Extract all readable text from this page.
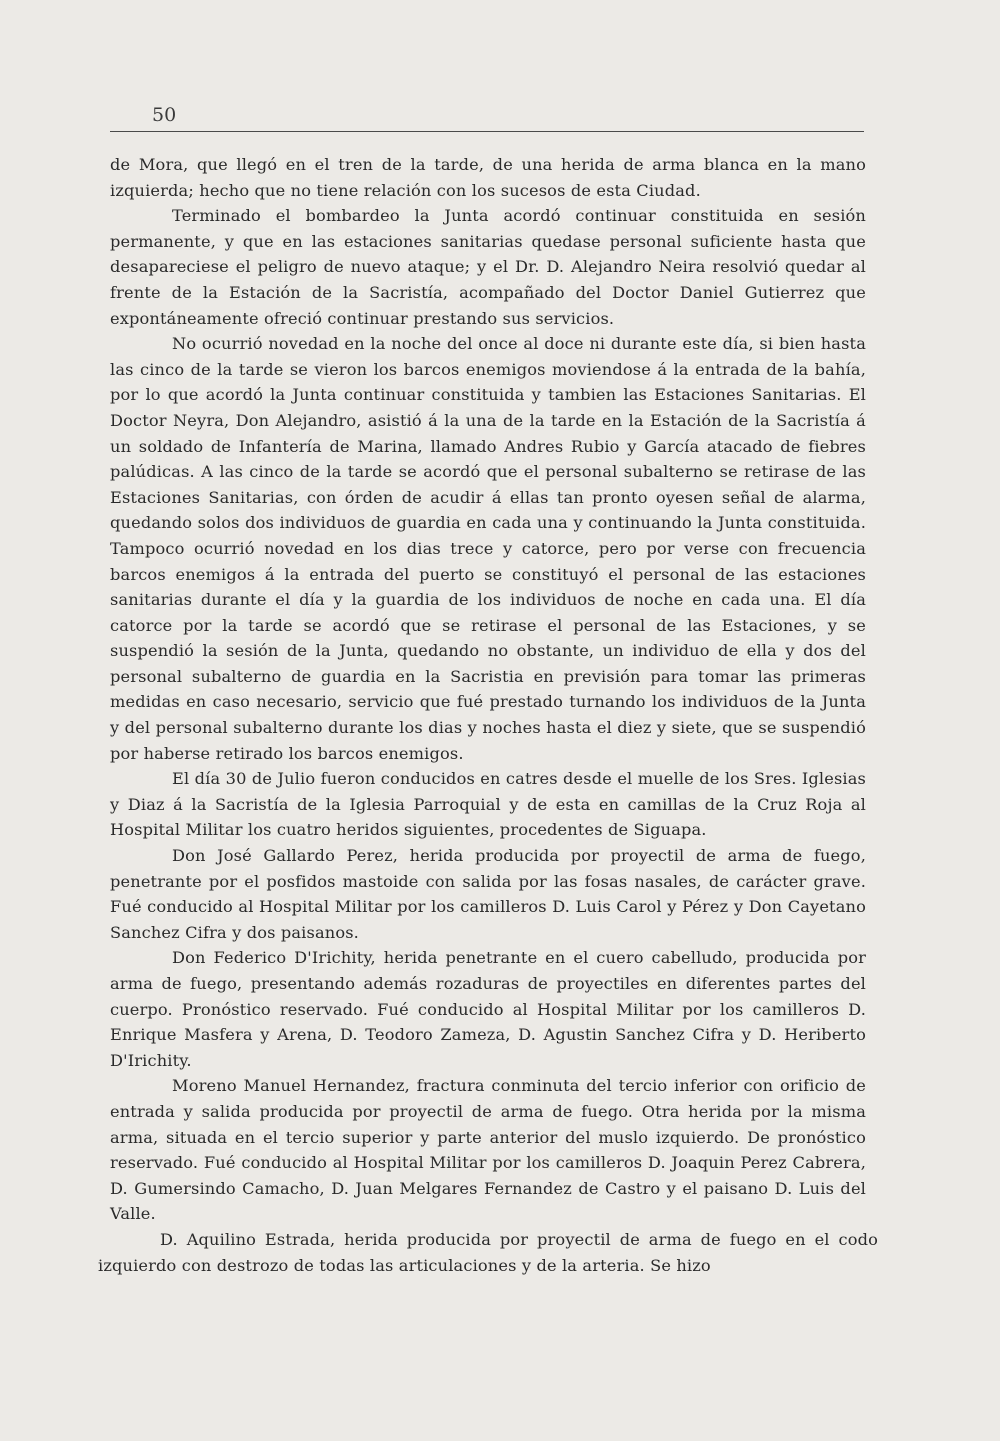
50

de Mora, que llegó en el tren de la tarde, de una herida de arma blanca en la mano izquierda; hecho que no tiene relación con los sucesos de esta Ciudad.

Terminado el bombardeo la Junta acordó continuar constituida en sesión permanente, y que en las estaciones sanitarias quedase personal suficiente hasta que desapareciese el peligro de nuevo ataque; y el Dr. D. Alejandro Neira resolvió quedar al frente de la Estación de la Sacristía, acompañado del Doctor Daniel Gutierrez que expontáneamente ofreció continuar prestando sus servicios.

No ocurrió novedad en la noche del once al doce ni durante este día, si bien hasta las cinco de la tarde se vieron los barcos enemigos moviendose á la entrada de la bahía, por lo que acordó la Junta continuar constituida y tambien las Estaciones Sanitarias. El Doctor Neyra, Don Alejandro, asistió á la una de la tarde en la Estación de la Sacristía á un soldado de Infantería de Marina, llamado Andres Rubio y García atacado de fiebres palúdicas. A las cinco de la tarde se acordó que el personal subalterno se retirase de las Estaciones Sanitarias, con órden de acudir á ellas tan pronto oyesen señal de alarma, quedando solos dos individuos de guardia en cada una y continuando la Junta constituida. Tampoco ocurrió novedad en los dias trece y catorce, pero por verse con frecuencia barcos enemigos á la entrada del puerto se constituyó el personal de las estaciones sanitarias durante el día y la guardia de los individuos de noche en cada una. El día catorce por la tarde se acordó que se retirase el personal de las Estaciones, y se suspendió la sesión de la Junta, quedando no obstante, un individuo de ella y dos del personal subalterno de guardia en la Sacristia en previsión para tomar las primeras medidas en caso necesario, servicio que fué prestado turnando los individuos de la Junta y del personal subalterno durante los dias y noches hasta el diez y siete, que se suspendió por haberse retirado los barcos enemigos.

El día 30 de Julio fueron conducidos en catres desde el muelle de los Sres. Iglesias y Diaz á la Sacristía de la Iglesia Parroquial y de esta en camillas de la Cruz Roja al Hospital Militar los cuatro heridos siguientes, procedentes de Siguapa.

Don José Gallardo Perez, herida producida por proyectil de arma de fuego, penetrante por el posfidos mastoide con salida por las fosas nasales, de carácter grave. Fué conducido al Hospital Militar por los camilleros D. Luis Carol y Pérez y Don Cayetano Sanchez Cifra y dos paisanos.

Don Federico D'Irichity, herida penetrante en el cuero cabelludo, producida por arma de fuego, presentando además rozaduras de proyectiles en diferentes partes del cuerpo. Pronóstico reservado. Fué conducido al Hospital Militar por los camilleros D. Enrique Masfera y Arena, D. Teodoro Zameza, D. Agustin Sanchez Cifra y D. Heriberto D'Irichity.

Moreno Manuel Hernandez, fractura conminuta del tercio inferior con orificio de entrada y salida producida por proyectil de arma de fuego. Otra herida por la misma arma, situada en el tercio superior y parte anterior del muslo izquierdo. De pronóstico reservado. Fué conducido al Hospital Militar por los camilleros D. Joaquin Perez Cabrera, D. Gumersindo Camacho, D. Juan Melgares Fernandez de Castro y el paisano D. Luis del Valle.

D. Aquilino Estrada, herida producida por proyectil de arma de fuego en el codo izquierdo con destrozo de todas las articulaciones y de la arteria. Se hizo
